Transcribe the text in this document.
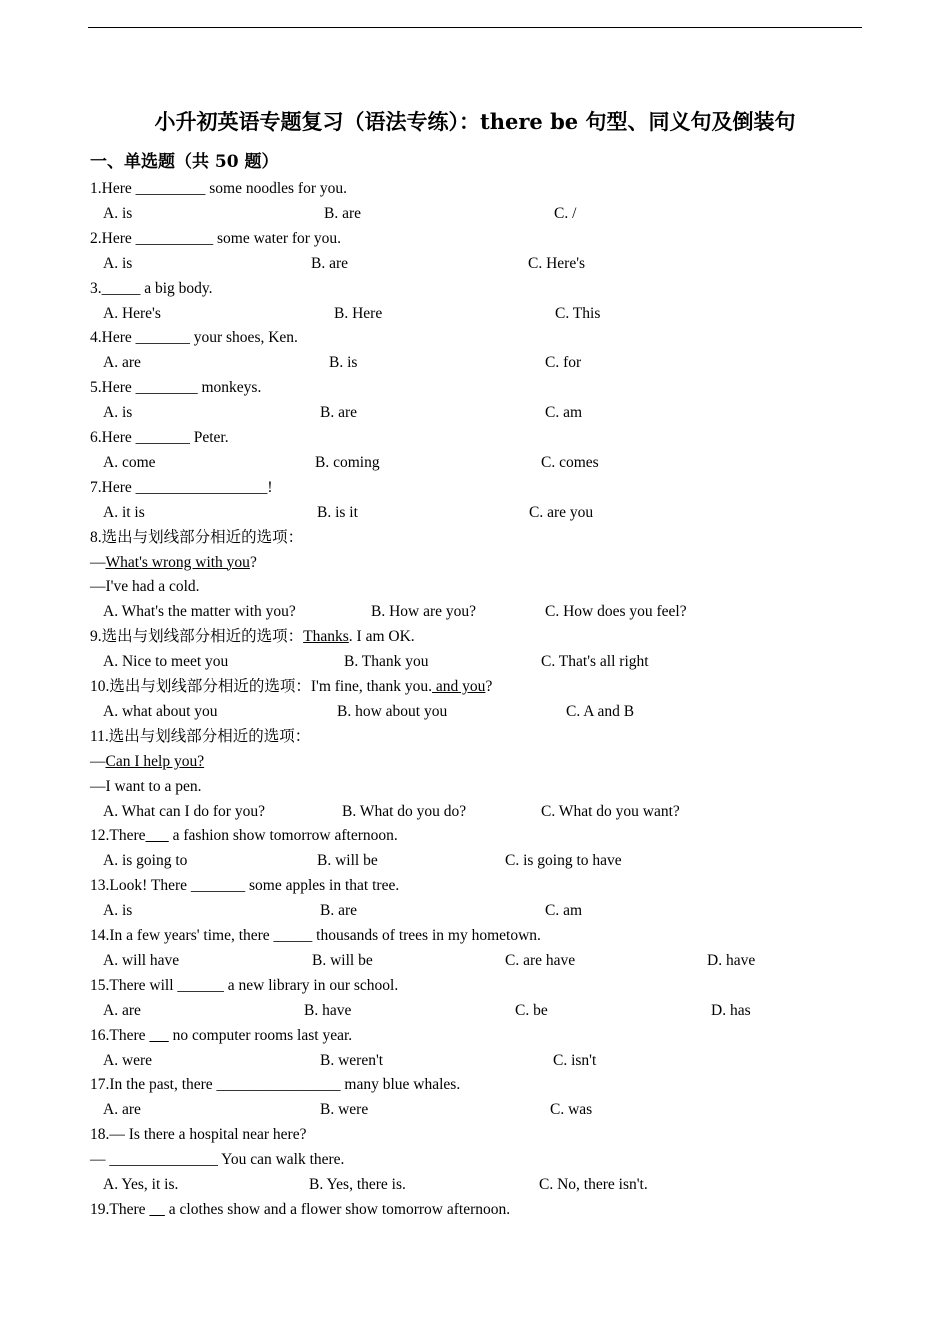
小升初英语专题复习（语法专练）：there be 句型、同义句及倒装句
一、单选题（共 50 题）
1.Here _________ some noodles for you.
A. is	B. are	C. /
2.Here __________ some water for you.
A. is	B. are	C. Here's
3._____ a big body.
A. Here's	B. Here	C. This
4.Here _______ your shoes, Ken.
A. are	B. is	C. for
5.Here ________ monkeys.
A. is	B. are	C. am
6.Here _______ Peter.
A. come	B. coming	C. comes
7.Here _________________!
A. it is	B. is it	C. are you
8.选出与划线部分相近的选项：
—What's wrong with you?
—I've had a cold.
A. What's the matter with you?	B. How are you?	C. How does you feel?
9.选出与划线部分相近的选项：Thanks. I am OK.
A. Nice to meet you	B. Thank you	C. That's all right
10.选出与划线部分相近的选项：I'm fine, thank you. and you?
A. what about you	B. how about you	C. A and B
11.选出与划线部分相近的选项：
—Can I help you?
—I want to a pen.
A. What can I do for you?	B. What do you do?	C. What do you want?
12.There       a fashion show tomorrow afternoon.
A. is going to	B. will be	C. is going to have
13.Look! There _______ some apples in that tree.
A. is	B. are	C. am
14.In a few years' time, there _____ thousands of trees in my hometown.
A. will have	B. will be	C. are have	D. have
15.There will ______ a new library in our school.
A. are	B. have	C. be	D. has
16.There       no computer rooms last year.
A. were	B. weren't	C. isn't
17.In the past, there ________________ many blue whales.
A. are	B. were	C. was
18.— Is there a hospital near here?
— ______________ You can walk there.
A. Yes, it is.	B. Yes, there is.	C. No, there isn't.
19.There      a clothes show and a flower show tomorrow afternoon.
